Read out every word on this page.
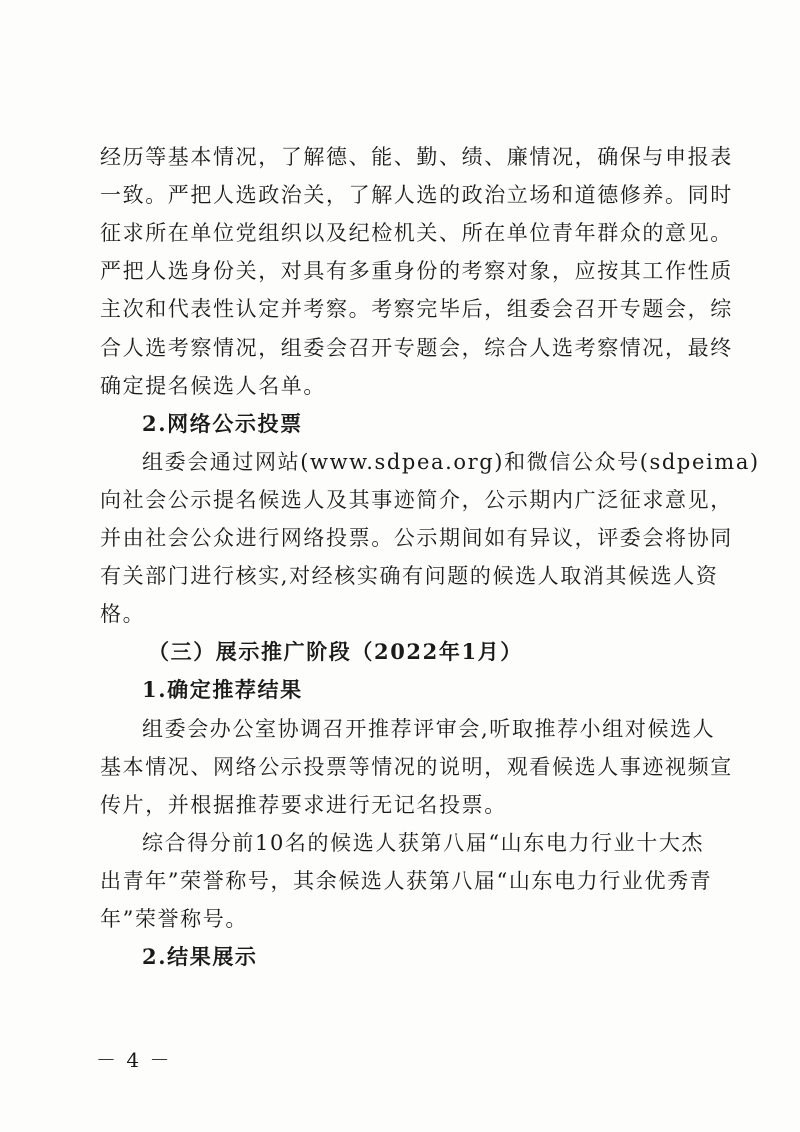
经历等基本情况，了解德、能、勤、绩、廉情况，确保与申报表
一致。严把人选政治关，了解人选的政治立场和道德修养。同时
征求所在单位党组织以及纪检机关、所在单位青年群众的意见。
严把人选身份关，对具有多重身份的考察对象，应按其工作性质
主次和代表性认定并考察。考察完毕后，组委会召开专题会，综
合人选考察情况，组委会召开专题会，综合人选考察情况，最终
确定提名候选人名单。
2.网络公示投票
组委会通过网站(www.sdpea.org)和微信公众号(sdpeima)
向社会公示提名候选人及其事迹简介，公示期内广泛征求意见，
并由社会公众进行网络投票。公示期间如有异议，评委会将协同
有关部门进行核实,对经核实确有问题的候选人取消其候选人资
格。
（三）展示推广阶段（2022年1月）
1.确定推荐结果
组委会办公室协调召开推荐评审会,听取推荐小组对候选人
基本情况、网络公示投票等情况的说明，观看候选人事迹视频宣
传片，并根据推荐要求进行无记名投票。
综合得分前10名的候选人获第八届“山东电力行业十大杰
出青年”荣誉称号，其余候选人获第八届“山东电力行业优秀青
年”荣誉称号。
2.结果展示
－ 4 －
